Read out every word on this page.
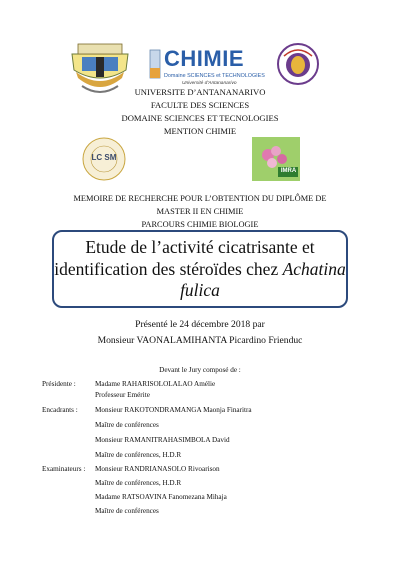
CHIMIE
Domaine SCIENCES et TECHNOLOGIES
Université d'Antananarivo
UNIVERSITE D’ANTANANARIVO
FACULTE DES SCIENCES
DOMAINE SCIENCES ET TECNOLOGIES
MENTION CHIMIE
LC SM
IMRA
MEMOIRE DE RECHERCHE POUR L’OBTENTION DU DIPLÔME DE
MASTER II EN CHIMIE
PARCOURS CHIMIE BIOLOGIE
Etude de l’activité cicatrisante et
identification des stéroïdes chez Achatina
fulica
Présenté le 24 décembre 2018 par
Monsieur VAONALAMIHANTA Picardino Frienduc
Devant le Jury composé de :
Présidente :	Madame RAHARISOLOLALAO Amélie
Professeur Emérite
Encadrants : Monsieur RAKOTONDRAMANGA Maonja Finaritra
Maître de conférences
Monsieur RAMANITRAHASIMBOLA David
Maître de conférences, H.D.R
Examinateurs : Monsieur RANDRIANASOLO Rivoarison
Maître de conférences, H.D.R
Madame RATSOAVINA Fanomezana Mihaja
Maître de conférences
